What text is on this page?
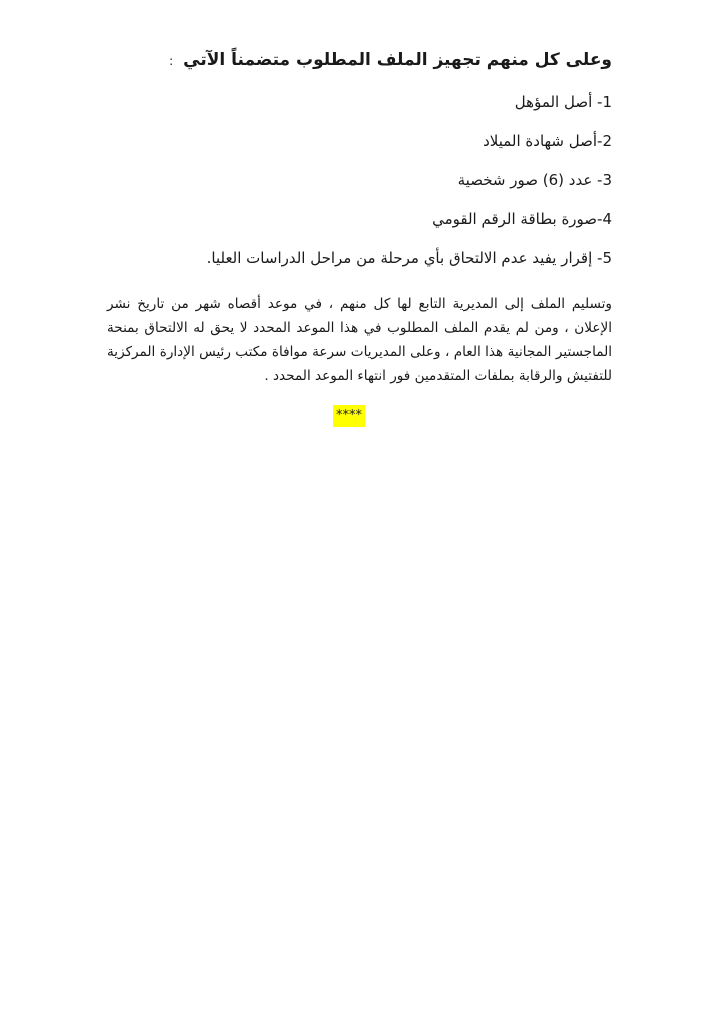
وعلى كل منهم تجهيز الملف المطلوب متضمناً الآتي:
1- أصل المؤهل
2-أصل شهادة الميلاد
3- عدد (6) صور شخصية
4-صورة بطاقة الرقم القومي
5- إقرار يفيد عدم الالتحاق بأي مرحلة من مراحل الدراسات العليا.

وتسليم الملف إلى المديرية التابع لها كل منهم ، في موعد أقصاه شهر من تاريخ نشر الإعلان ، ومن لم يقدم الملف المطلوب في هذا الموعد المحدد لا يحق له الالتحاق بمنحة الماجستير المجانية هذا العام ، وعلى المديريات سرعة موافاة مكتب رئيس الإدارة المركزية للتفتيش والرقابة بملفات المتقدمين فور انتهاء الموعد المحدد .

****
